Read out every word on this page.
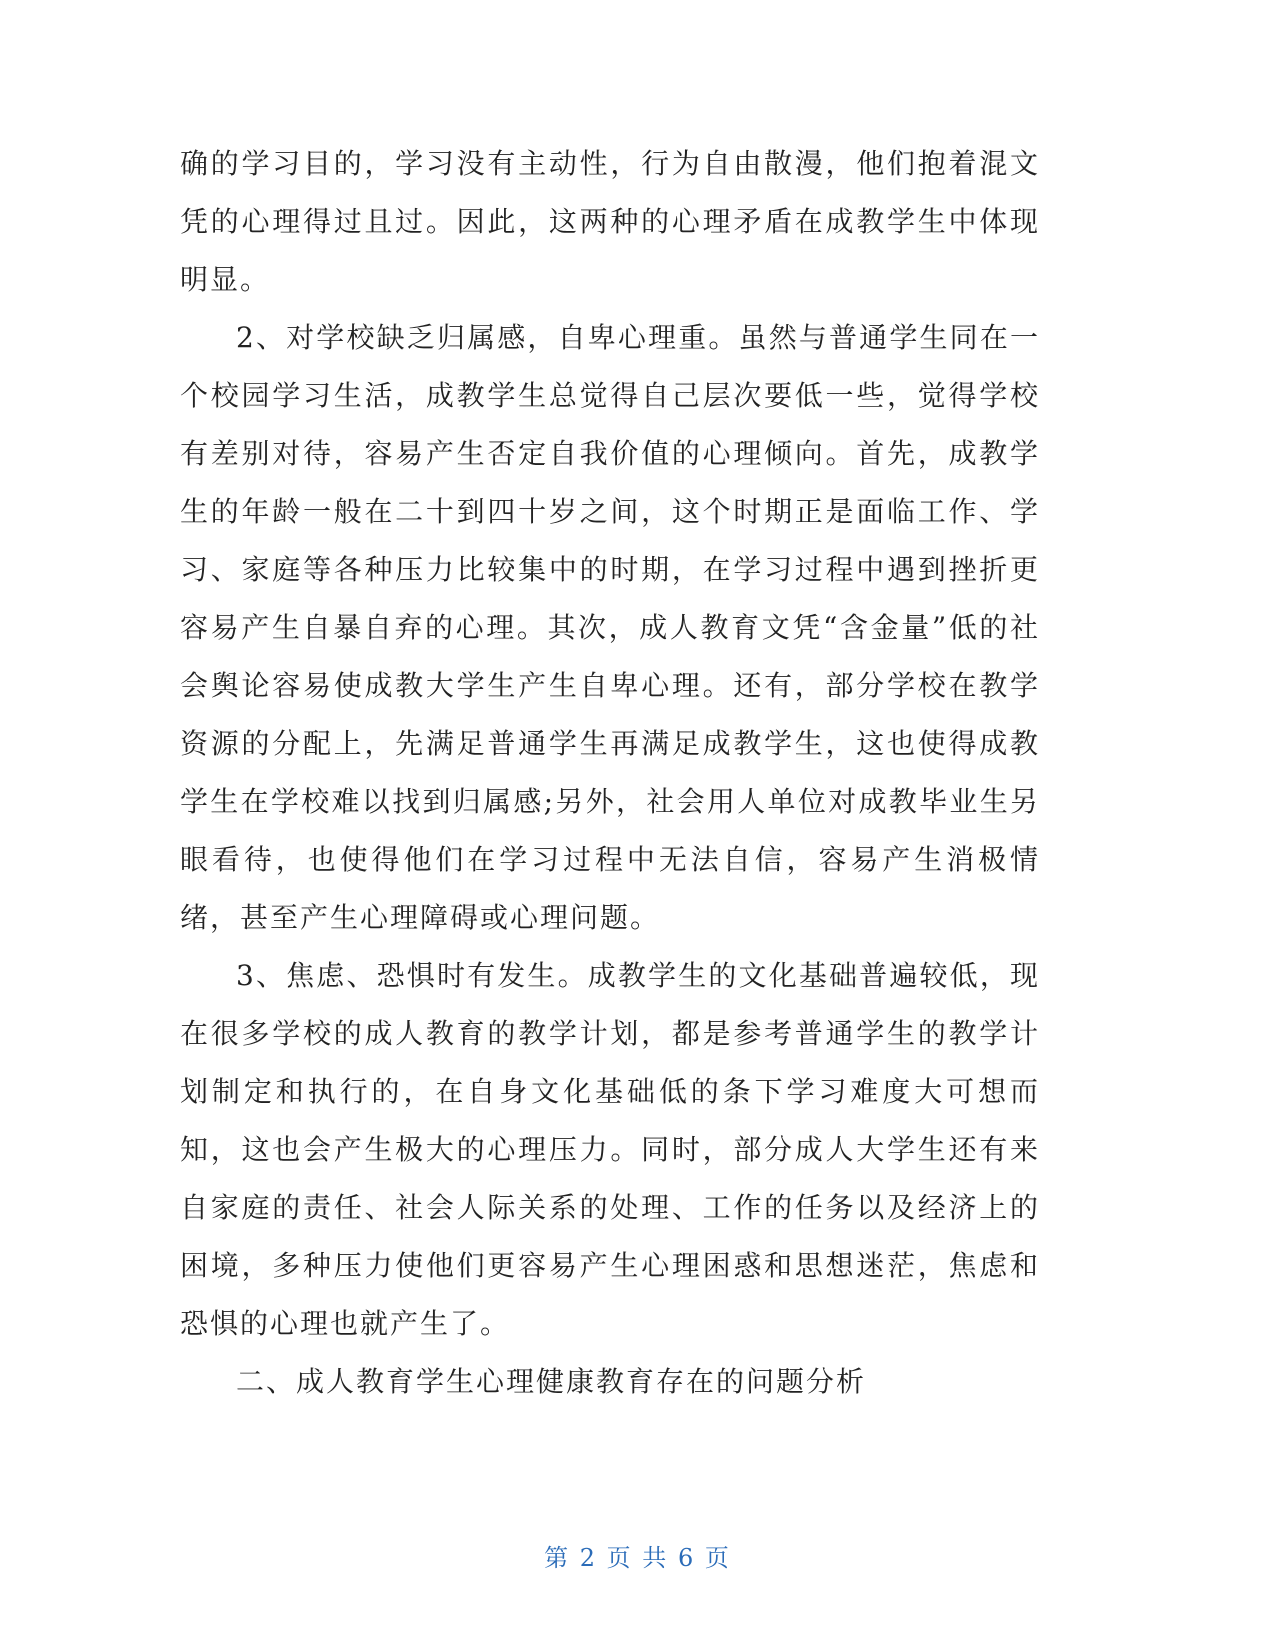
确的学习目的，学习没有主动性，行为自由散漫，他们抱着混文凭的心理得过且过。因此，这两种的心理矛盾在成教学生中体现明显。

2、对学校缺乏归属感，自卑心理重。虽然与普通学生同在一个校园学习生活，成教学生总觉得自己层次要低一些，觉得学校有差别对待，容易产生否定自我价值的心理倾向。首先，成教学生的年龄一般在二十到四十岁之间，这个时期正是面临工作、学习、家庭等各种压力比较集中的时期，在学习过程中遇到挫折更容易产生自暴自弃的心理。其次，成人教育文凭“含金量”低的社会舆论容易使成教大学生产生自卑心理。还有，部分学校在教学资源的分配上，先满足普通学生再满足成教学生，这也使得成教学生在学校难以找到归属感;另外，社会用人单位对成教毕业生另眼看待，也使得他们在学习过程中无法自信，容易产生消极情绪，甚至产生心理障碍或心理问题。

3、焦虑、恐惧时有发生。成教学生的文化基础普遍较低，现在很多学校的成人教育的教学计划，都是参考普通学生的教学计划制定和执行的，在自身文化基础低的条下学习难度大可想而知，这也会产生极大的心理压力。同时，部分成人大学生还有来自家庭的责任、社会人际关系的处理、工作的任务以及经济上的困境，多种压力使他们更容易产生心理困惑和思想迷茫，焦虑和恐惧的心理也就产生了。

二、成人教育学生心理健康教育存在的问题分析

第 2 页 共 6 页
